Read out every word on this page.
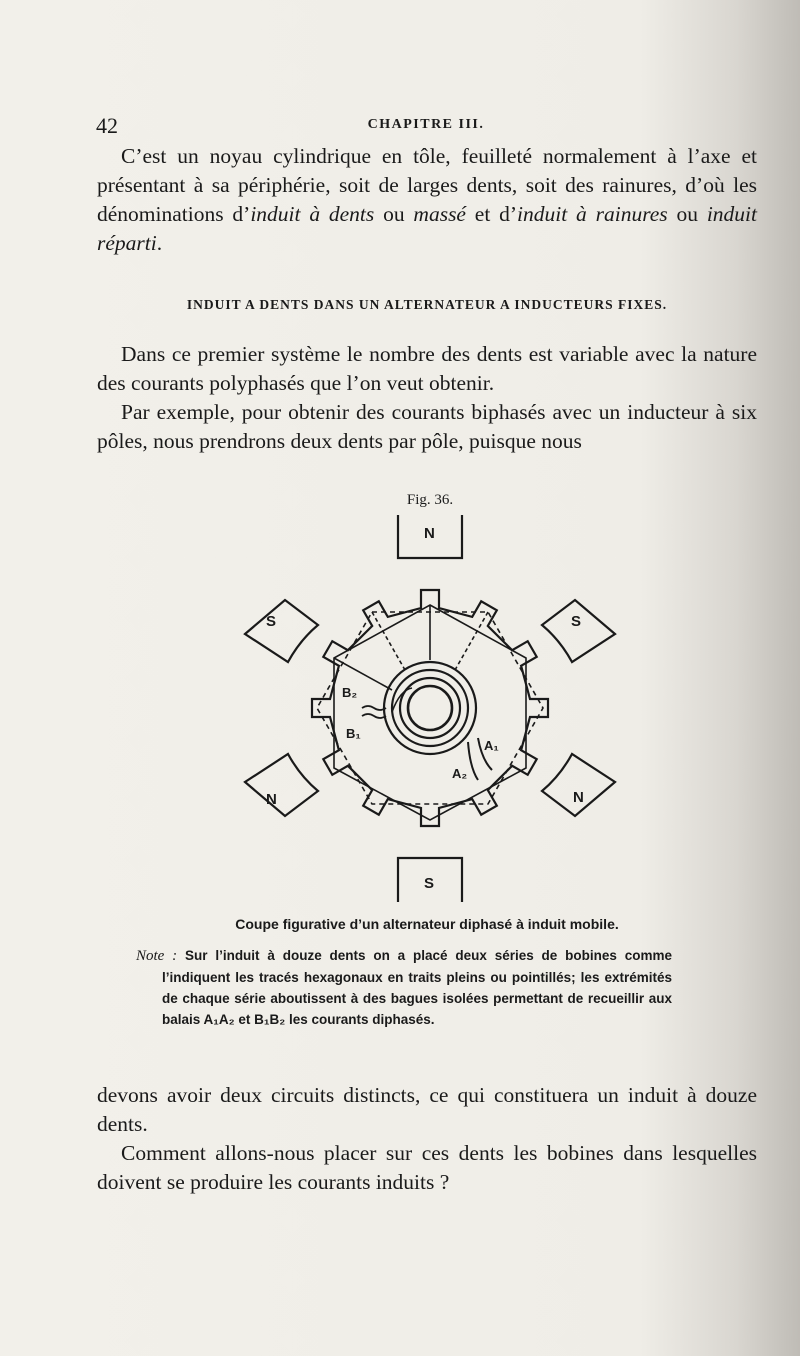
42	CHAPITRE III.

C’est un noyau cylindrique en tôle, feuilleté normalement à l’axe et présentant à sa périphérie, soit de larges dents, soit des rainures, d’où les dénominations d’induit à dents ou massé et d’induit à rainures ou induit réparti.

INDUIT A DENTS DANS UN ALTERNATEUR A INDUCTEURS FIXES.

Dans ce premier système le nombre des dents est variable avec la nature des courants polyphasés que l’on veut obtenir.

Par exemple, pour obtenir des courants biphasés avec un inducteur à six pôles, nous prendrons deux dents par pôle, puisque nous

Fig. 36.
N
S
S	S
N	N
B₂
B₁
A₁
A₂
Coupe figurative d’un alternateur diphasé à induit mobile.
Note : Sur l’induit à douze dents on a placé deux séries de bobines comme l’indiquent les tracés hexagonaux en traits pleins ou pointillés; les extrémités de chaque série aboutissent à des bagues isolées permettant de recueillir aux balais A₁A₂ et B₁B₂ les courants diphasés.

devons avoir deux circuits distincts, ce qui constituera un induit à douze dents.

Comment allons-nous placer sur ces dents les bobines dans lesquelles doivent se produire les courants induits ?
